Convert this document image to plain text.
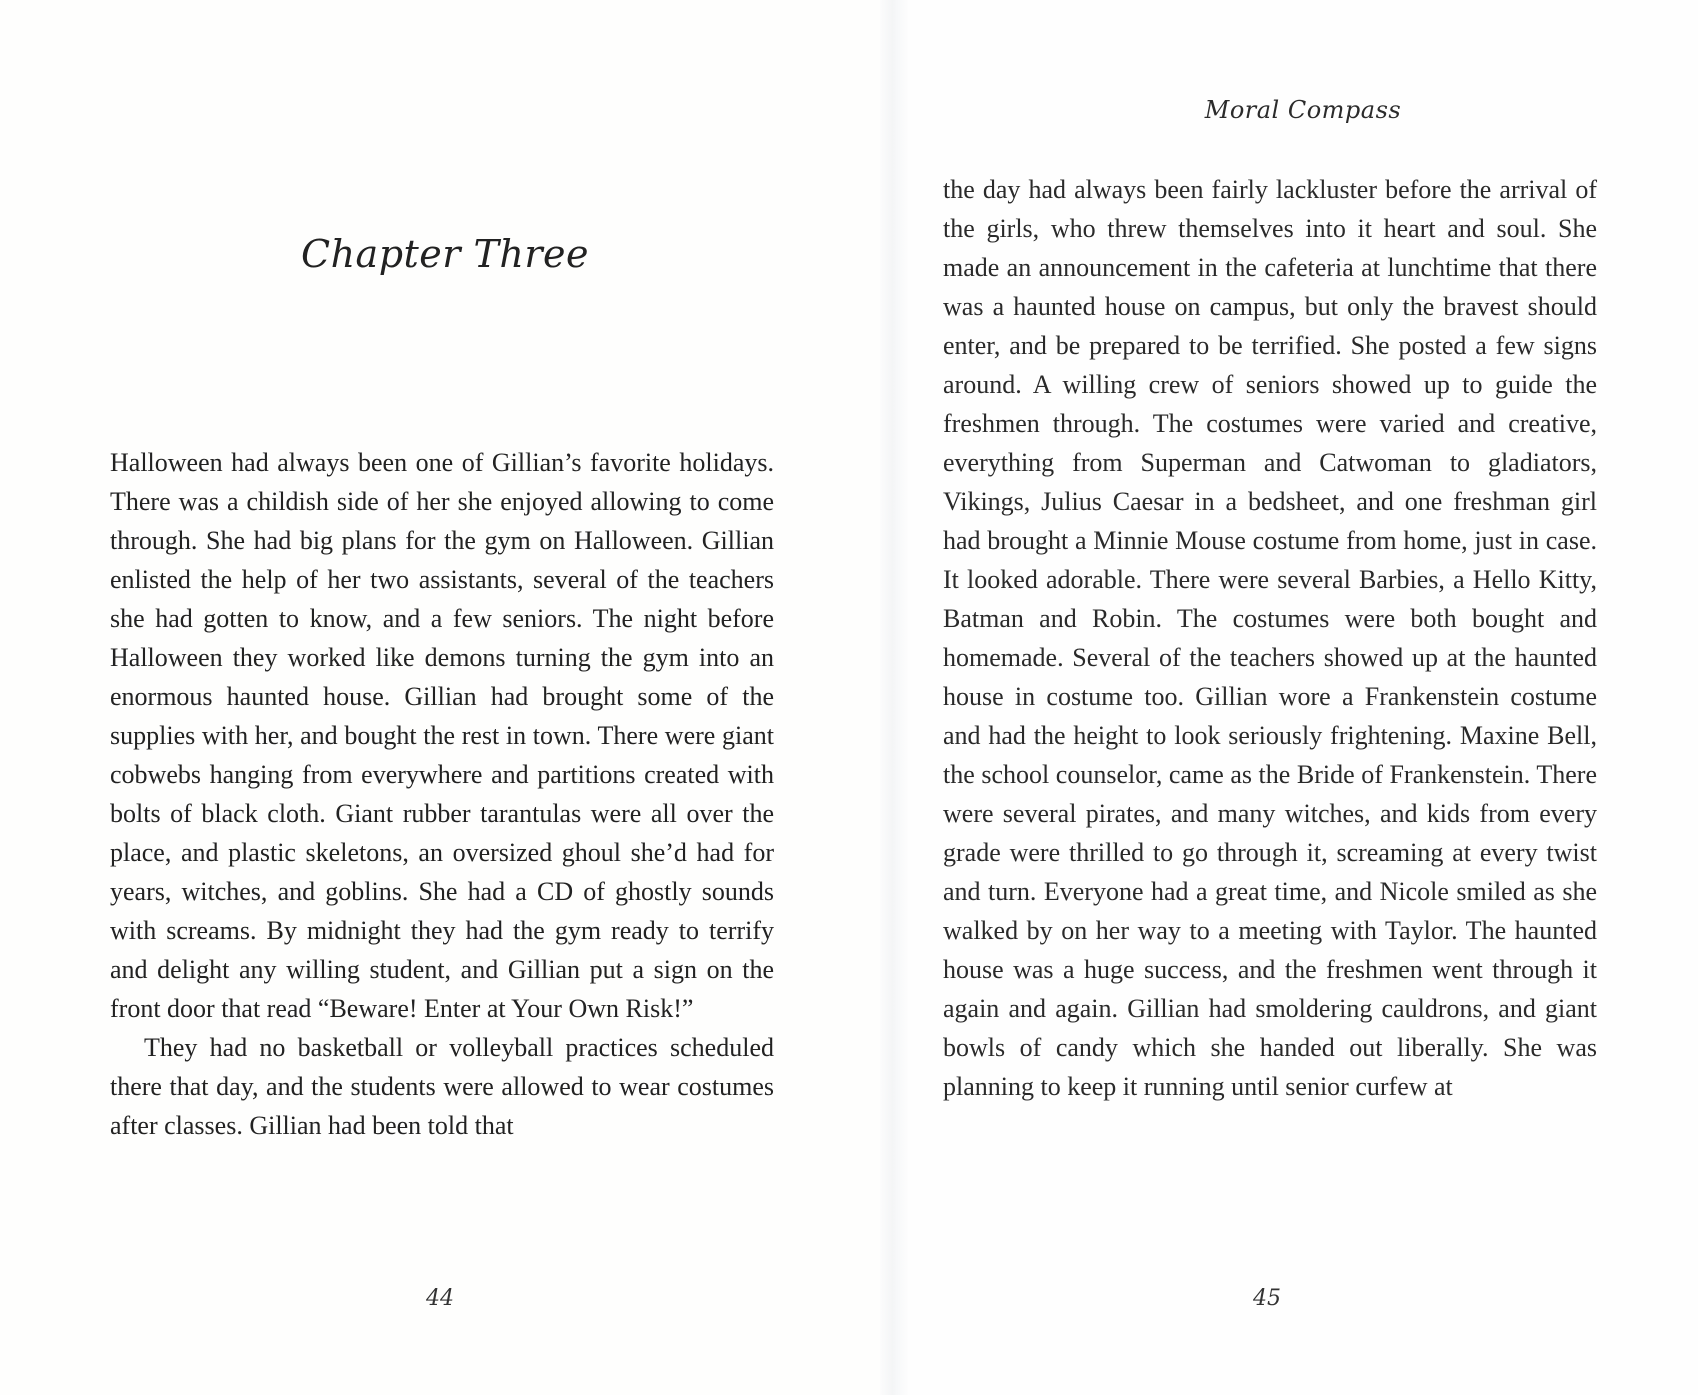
Chapter Three

Halloween had always been one of Gillian’s favorite holidays. There was a childish side of her she enjoyed allowing to come through. She had big plans for the gym on Halloween. Gillian enlisted the help of her two assistants, several of the teachers she had gotten to know, and a few seniors. The night before Halloween they worked like demons turning the gym into an enormous haunted house. Gillian had brought some of the supplies with her, and bought the rest in town. There were giant cobwebs hanging from everywhere and partitions created with bolts of black cloth. Giant rubber tarantulas were all over the place, and plastic skeletons, an oversized ghoul she’d had for years, witches, and goblins. She had a CD of ghostly sounds with screams. By midnight they had the gym ready to terrify and delight any willing student, and Gillian put a sign on the front door that read “Beware! Enter at Your Own Risk!”

They had no basketball or volleyball practices scheduled there that day, and the students were allowed to wear costumes after classes. Gillian had been told that

44
Moral Compass

the day had always been fairly lackluster before the arrival of the girls, who threw themselves into it heart and soul. She made an announcement in the cafeteria at lunchtime that there was a haunted house on campus, but only the bravest should enter, and be prepared to be terrified. She posted a few signs around. A willing crew of seniors showed up to guide the freshmen through. The costumes were varied and creative, everything from Superman and Catwoman to gladiators, Vikings, Julius Caesar in a bedsheet, and one freshman girl had brought a Minnie Mouse costume from home, just in case. It looked adorable. There were several Barbies, a Hello Kitty, Batman and Robin. The costumes were both bought and homemade. Several of the teachers showed up at the haunted house in costume too. Gillian wore a Frankenstein costume and had the height to look seriously frightening. Maxine Bell, the school counselor, came as the Bride of Frankenstein. There were several pirates, and many witches, and kids from every grade were thrilled to go through it, screaming at every twist and turn. Everyone had a great time, and Nicole smiled as she walked by on her way to a meeting with Taylor. The haunted house was a huge success, and the freshmen went through it again and again. Gillian had smoldering cauldrons, and giant bowls of candy which she handed out liberally. She was planning to keep it running until senior curfew at

45
